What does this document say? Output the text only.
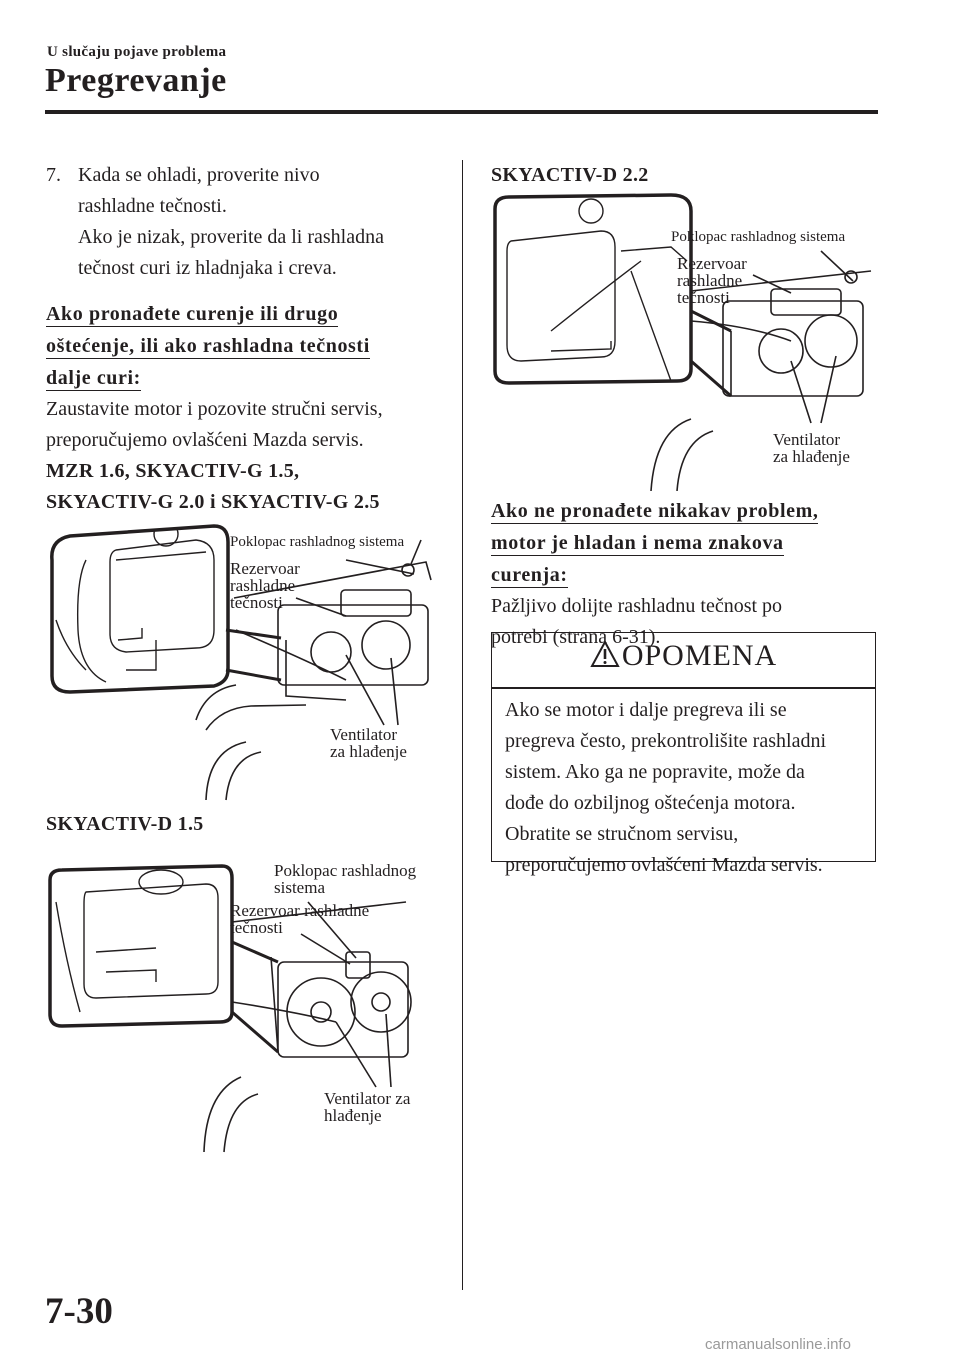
U slučaju pojave problema
Pregrevanje
7. Kada se ohladi, proverite nivo
rashladne tečnosti.
Ako je nizak, proverite da li rashladna
tečnost curi iz hladnjaka i creva.
Ako pronađete curenje ili drugo
oštećenje, ili ako rashladna tečnosti
dalje curi:
Zaustavite motor i pozovite stručni servis,
preporučujemo ovlašćeni Mazda servis.
MZR 1.6, SKYACTIV-G 1.5,
SKYACTIV-G 2.0 i SKYACTIV-G 2.5
Poklopac rashladnog sistema
Rezervoar
rashladne
tečnosti
Ventilator
za hlađenje
SKYACTIV-D 1.5
Poklopac rashladnog
sistema
Rezervoar rashladne
tečnosti
Ventilator za
hlađenje
SKYACTIV-D 2.2
Poklopac rashladnog sistema
Rezervoar
rashladne
tečnosti
Ventilator
za hlađenje
Ako ne pronađete nikakav problem,
motor je hladan i nema znakova
curenja:
Pažljivo dolijte rashladnu tečnost po
potrebi (strana 6-31).
OPOMENA
Ako se motor i dalje pregreva ili se
pregreva često, prekontrolišite rashladni
sistem. Ako ga ne popravite, može da
dođe do ozbiljnog oštećenja motora.
Obratite se stručnom servisu,
preporučujemo ovlašćeni Mazda servis.
7-30
carmanualsonline.info
